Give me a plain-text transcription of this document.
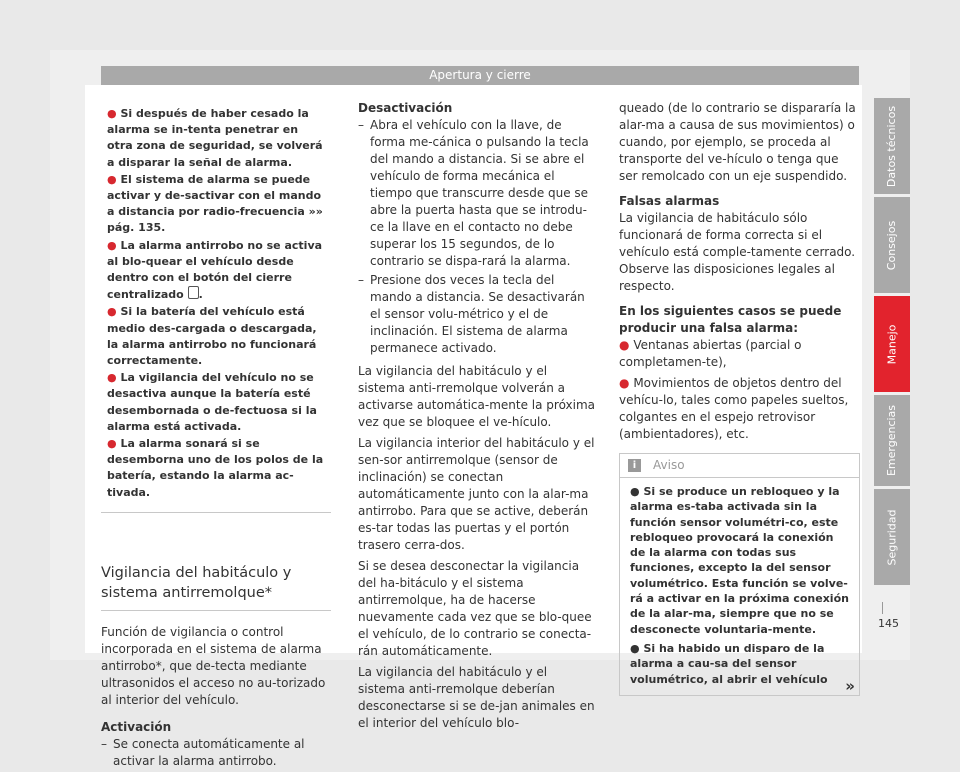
Apertura y cierre

● Si después de haber cesado la alarma se in-tenta penetrar en otra zona de seguridad, se volverá a disparar la señal de alarma.

● El sistema de alarma se puede activar y de-sactivar con el mando a distancia por radio-frecuencia »» pág. 135.

● La alarma antirrobo no se activa al blo-quear el vehículo desde dentro con el botón del cierre centralizado .

● Si la batería del vehículo está medio des-cargada o descargada, la alarma antirrobo no funcionará correctamente.

● La vigilancia del vehículo no se desactiva aunque la batería esté desembornada o de-fectuosa si la alarma está activada.

● La alarma sonará si se desemborna uno de los polos de la batería, estando la alarma ac-tivada.

Vigilancia del habitáculo y sistema antirremolque*

Función de vigilancia o control incorporada en el sistema de alarma antirrobo*, que de-tecta mediante ultrasonidos el acceso no au-torizado al interior del vehículo.

Activación

– Se conecta automáticamente al activar la alarma antirrobo.

Desactivación

– Abra el vehículo con la llave, de forma me-cánica o pulsando la tecla del mando a distancia. Si se abre el vehículo de forma mecánica el tiempo que transcurre desde que se abre la puerta hasta que se introdu-ce la llave en el contacto no debe superar los 15 segundos, de lo contrario se dispa-rará la alarma.
– Presione dos veces la tecla del mando a distancia. Se desactivarán el sensor volu-métrico y el de inclinación. El sistema de alarma permanece activado.

La vigilancia del habitáculo y el sistema anti-rremolque volverán a activarse automática-mente la próxima vez que se bloquee el ve-hículo.

La vigilancia interior del habitáculo y el sen-sor antirremolque (sensor de inclinación) se conectan automáticamente junto con la alar-ma antirrobo. Para que se active, deberán es-tar todas las puertas y el portón trasero cerra-dos.

Si se desea desconectar la vigilancia del ha-bitáculo y el sistema antirremolque, ha de hacerse nuevamente cada vez que se blo-quee el vehículo, de lo contrario se conecta-rán automáticamente.

La vigilancia del habitáculo y el sistema anti-rremolque deberían desconectarse si se de-jan animales en el interior del vehículo blo-

queado (de lo contrario se dispararía la alar-ma a causa de sus movimientos) o cuando, por ejemplo, se proceda al transporte del ve-hículo o tenga que ser remolcado con un eje suspendido.

Falsas alarmas

La vigilancia de habitáculo sólo funcionará de forma correcta si el vehículo está comple-tamente cerrado. Observe las disposiciones legales al respecto.

En los siguientes casos se puede producir una falsa alarma:

● Ventanas abiertas (parcial o completamen-te),

● Movimientos de objetos dentro del vehícu-lo, tales como papeles sueltos, colgantes en el espejo retrovisor (ambientadores), etc.

i	Aviso

● Si se produce un rebloqueo y la alarma es-taba activada sin la función sensor volumétri-co, este rebloqueo provocará la conexión de la alarma con todas sus funciones, excepto la del sensor volumétrico. Esta función se volve-rá a activar en la próxima conexión de la alar-ma, siempre que no se desconecte voluntaria-mente.

● Si ha habido un disparo de la alarma a cau-sa del sensor volumétrico, al abrir el vehículo	»
Datos técnicos
Consejos
Manejo
Emergencias
Seguridad
145
